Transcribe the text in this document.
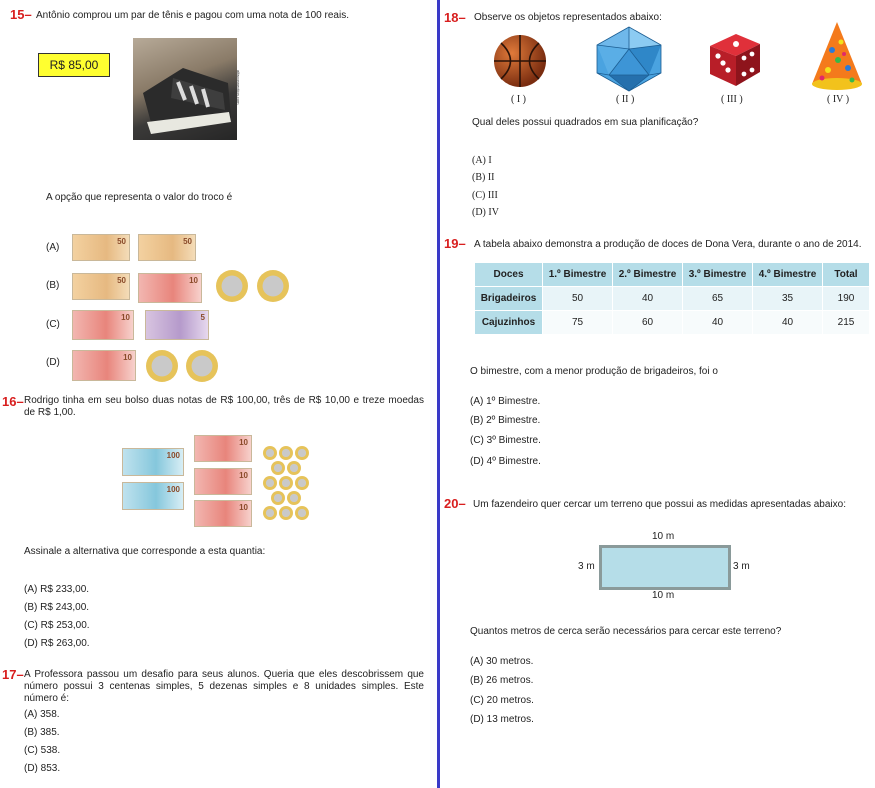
15– Antônio comprou um par de tênis e pagou com uma nota de 100 reais.
R$ 85,00
alfaconnection.com
A opção que representa o valor do troco é
(A)
50	50
(B)	50	10
(C)
10	5
(D)	10
16– Rodrigo tinha em seu bolso duas notas de R$ 100,00, três de R$ 10,00 e treze moedas de R$ 1,00.
100
100
10
10
10
Assinale a alternativa que corresponde a esta quantia:
(A) R$ 233,00.
(B) R$ 243,00.
(C) R$ 253,00.
(D) R$ 263,00.
17– A Professora passou um desafio para seus alunos. Queria que eles descobrissem que número possui 3 centenas simples, 5 dezenas simples e 8 unidades simples. Este número é:
(A) 358.
(B) 385.
(C) 538.
(D) 853.
18– Observe os objetos representados abaixo:
( I )	( II )	( III )	( IV )
Qual deles possui quadrados em sua planificação?
(A) I
(B) II
(C) III
(D) IV
19– A tabela abaixo demonstra a produção de doces de Dona Vera, durante o ano de 2014.
Doces	1.º Bimestre	2.º Bimestre	3.º Bimestre	4.º Bimestre	Total
Brigadeiros	50	40	65	35	190
Cajuzinhos	75	60	40	40	215
O bimestre, com a menor produção de brigadeiros, foi o
(A) 1º Bimestre.
(B) 2º Bimestre.
(C) 3º Bimestre.
(D) 4º Bimestre.
20– Um fazendeiro quer cercar um terreno que possui as medidas apresentadas abaixo:
10 m
3 m	3 m
10 m
Quantos metros de cerca serão necessários para cercar este terreno?
(A) 30 metros.
(B) 26 metros.
(C) 20 metros.
(D) 13 metros.
